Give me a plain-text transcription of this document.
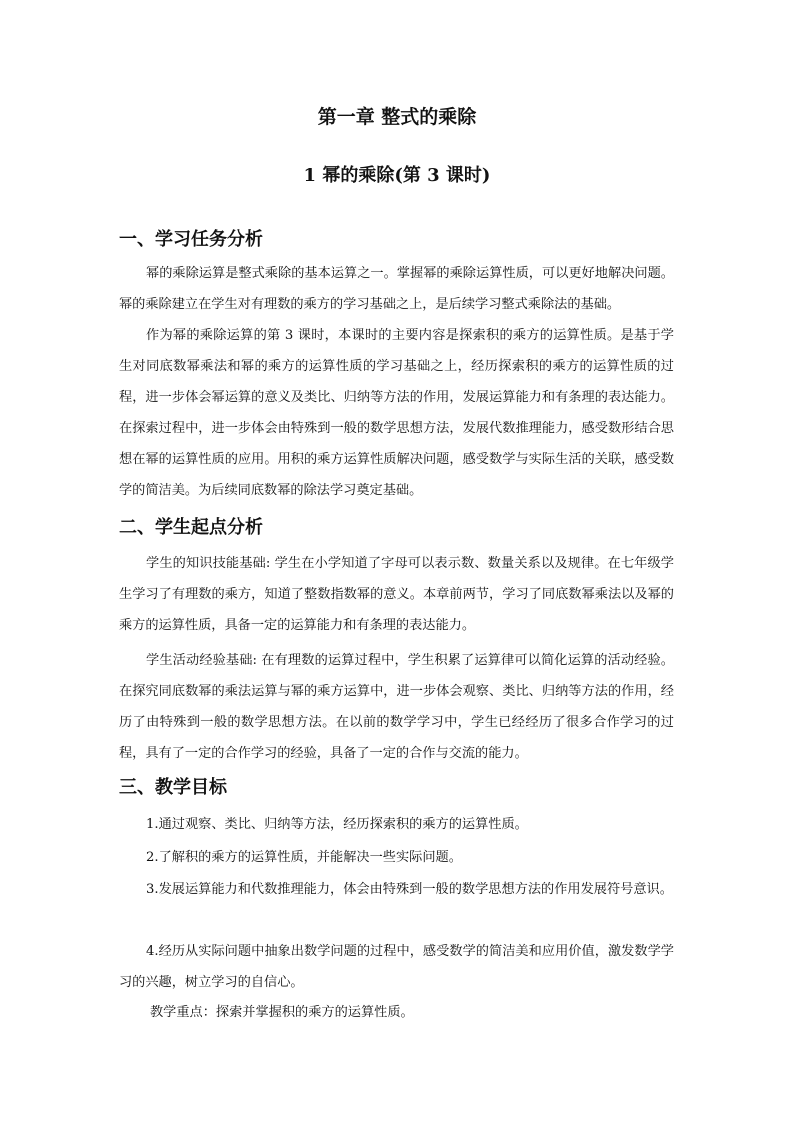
第一章 整式的乘除
1 幂的乘除(第 3 课时)
一、学习任务分析

幂的乘除运算是整式乘除的基本运算之一。掌握幂的乘除运算性质，可以更好地解决问题。幂的乘除建立在学生对有理数的乘方的学习基础之上，是后续学习整式乘除法的基础。

作为幂的乘除运算的第 3 课时，本课时的主要内容是探索积的乘方的运算性质。是基于学生对同底数幂乘法和幂的乘方的运算性质的学习基础之上，经历探索积的乘方的运算性质的过程，进一步体会幂运算的意义及类比、归纳等方法的作用，发展运算能力和有条理的表达能力。在探索过程中，进一步体会由特殊到一般的数学思想方法，发展代数推理能力，感受数形结合思想在幂的运算性质的应用。用积的乘方运算性质解决问题，感受数学与实际生活的关联，感受数学的简洁美。为后续同底数幂的除法学习奠定基础。

二、学生起点分析

学生的知识技能基础: 学生在小学知道了字母可以表示数、数量关系以及规律。在七年级学生学习了有理数的乘方，知道了整数指数幂的意义。本章前两节，学习了同底数幂乘法以及幂的乘方的运算性质，具备一定的运算能力和有条理的表达能力。

学生活动经验基础: 在有理数的运算过程中，学生积累了运算律可以简化运算的活动经验。在探究同底数幂的乘法运算与幂的乘方运算中，进一步体会观察、类比、归纳等方法的作用，经历了由特殊到一般的数学思想方法。在以前的数学学习中，学生已经经历了很多合作学习的过程，具有了一定的合作学习的经验，具备了一定的合作与交流的能力。

三、教学目标

1.通过观察、类比、归纳等方法，经历探索积的乘方的运算性质。

2.了解积的乘方的运算性质，并能解决一些实际问题。

3.发展运算能力和代数推理能力，体会由特殊到一般的数学思想方法的作用发展符号意识。

4.经历从实际问题中抽象出数学问题的过程中，感受数学的简洁美和应用价值，激发数学学习的兴趣，树立学习的自信心。

教学重点：探索并掌握积的乘方的运算性质。
